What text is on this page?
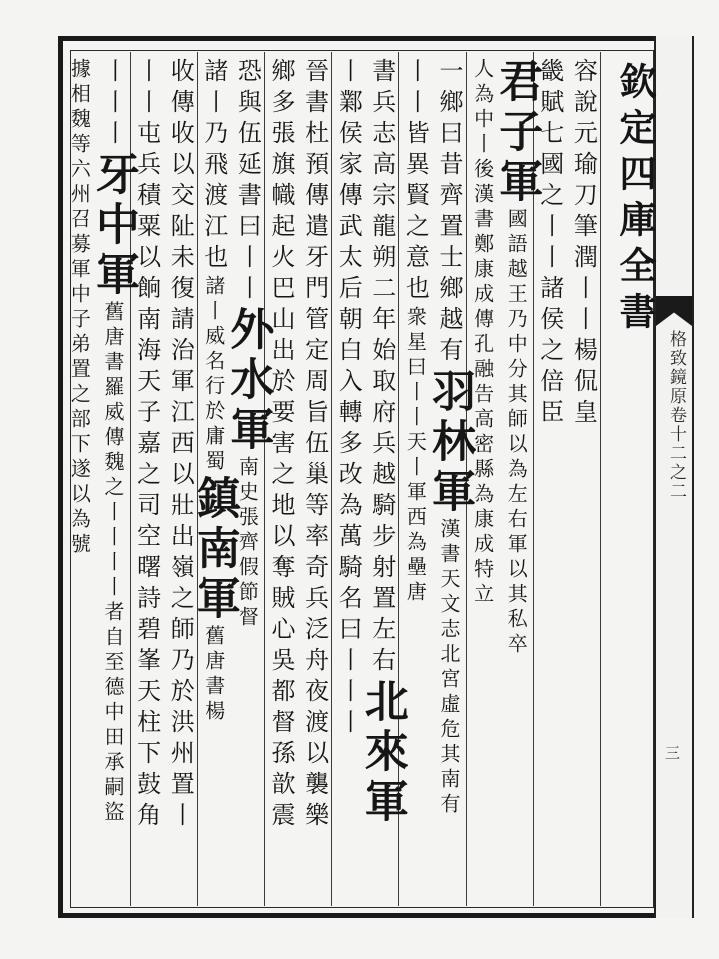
格致鏡原卷十二之二
三
欽定四庫全書
容說元瑜刀筆潤丨丨楊侃皇
畿賦七國之丨丨諸侯之倍臣
君子軍國語越王乃中分其師以為左右軍以其私卒
人為中丨後漢書鄭康成傳孔融告高密縣為康成特立
一鄉曰昔齊置士鄉越有羽林軍漢書天文志北宮虛危其南有
丨丨皆異賢之意也衆星曰丨丨天丨軍西為壘唐
書兵志高宗龍朔二年始取府兵越騎步射置左右北來軍
丨鄴侯家傳武太后朝白入轉多改為萬騎名曰丨丨丨
晉書杜預傳遣牙門管定周旨伍巢等率奇兵泛舟夜渡以襲樂
鄉多張旗幟起火巴山出於要害之地以奪賊心吳都督孫歆震
恐與伍延書曰丨丨外水軍南史張齊假節督
諸丨乃飛渡江也諸丨威名行於庸蜀鎮南軍舊唐書楊
收傳收以交阯未復請治軍江西以壯出嶺之師乃於洪州置丨
丨丨屯兵積粟以餉南海天子嘉之司空曙詩碧峯天柱下鼓角
丨丨丨牙中軍舊唐書羅威傳魏之丨丨丨丨者自至德中田承嗣盜
據相魏等六州召募軍中子弟置之部下遂以為號
